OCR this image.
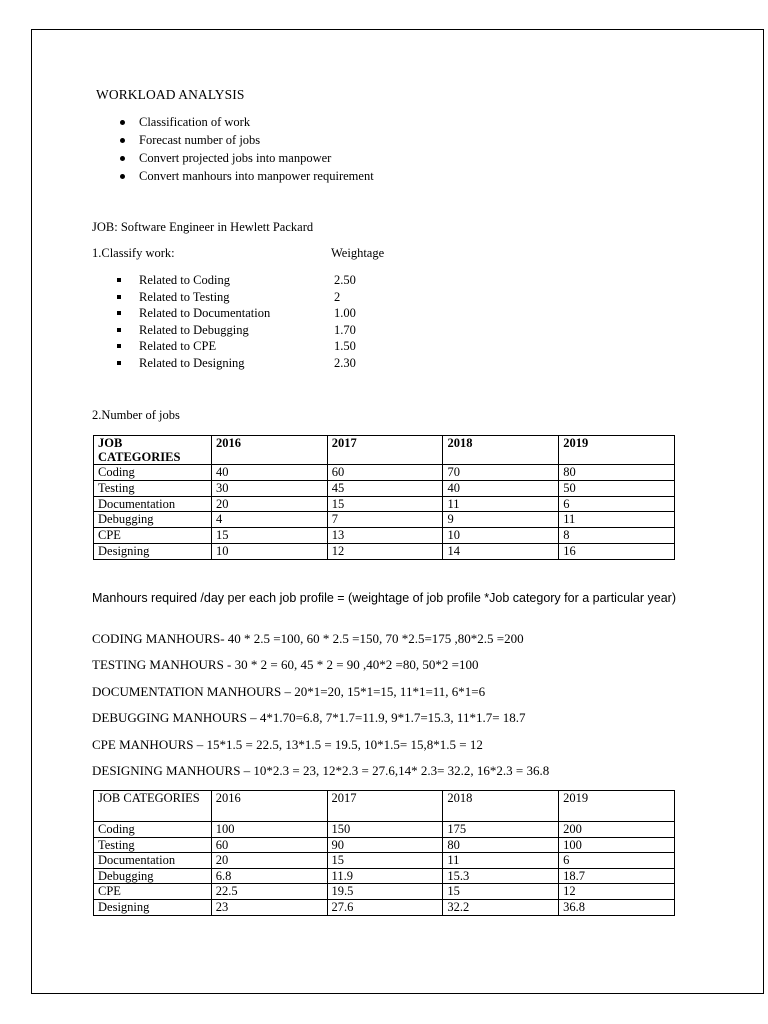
WORKLOAD ANALYSIS
Classification of work
Forecast number of jobs
Convert projected jobs into manpower
Convert manhours into manpower requirement
JOB: Software Engineer in Hewlett Packard
1.Classify work:	Weightage
Related to Coding	2.50
Related to Testing	2
Related to Documentation	1.00
Related to Debugging	1.70
Related to CPE	1.50
Related to Designing	2.30
2.Number of jobs
JOB CATEGORIES	2016	2017	2018	2019
Coding	40	60	70	80
Testing	30	45	40	50
Documentation	20	15	11	6
Debugging	4	7	9	11
CPE	15	13	10	8
Designing	10	12	14	16
Manhours required /day per each job profile = (weightage of job profile *Job category for a particular year)
CODING MANHOURS- 40 * 2.5 =100, 60 * 2.5 =150, 70 *2.5=175 ,80*2.5 =200
TESTING MANHOURS - 30 * 2 = 60, 45 * 2 = 90 ,40*2 =80, 50*2 =100
DOCUMENTATION MANHOURS – 20*1=20, 15*1=15, 11*1=11, 6*1=6
DEBUGGING MANHOURS – 4*1.70=6.8, 7*1.7=11.9, 9*1.7=15.3, 11*1.7= 18.7
CPE MANHOURS – 15*1.5 = 22.5, 13*1.5 = 19.5, 10*1.5= 15,8*1.5 = 12
DESIGNING MANHOURS – 10*2.3 = 23, 12*2.3 = 27.6,14* 2.3= 32.2, 16*2.3 = 36.8
JOB CATEGORIES	2016	2017	2018	2019
Coding	100	150	175	200
Testing	60	90	80	100
Documentation	20	15	11	6
Debugging	6.8	11.9	15.3	18.7
CPE	22.5	19.5	15	12
Designing	23	27.6	32.2	36.8
